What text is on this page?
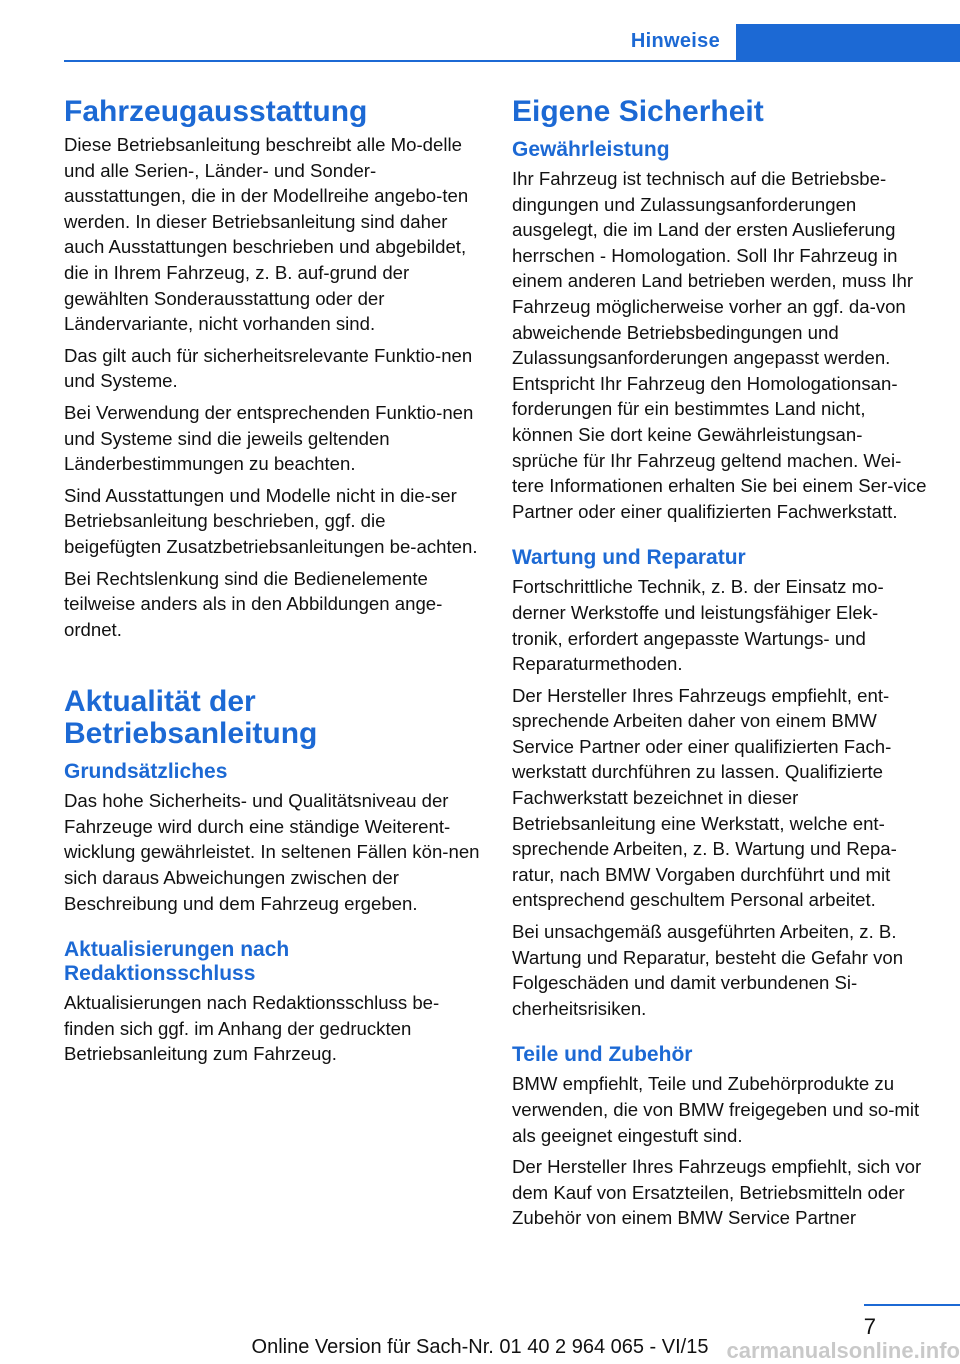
Hinweise
Fahrzeugausstattung

Diese Betriebsanleitung beschreibt alle Mo-delle und alle Serien-, Länder- und Sonder-ausstattungen, die in der Modellreihe angebo-ten werden. In dieser Betriebsanleitung sind daher auch Ausstattungen beschrieben und abgebildet, die in Ihrem Fahrzeug, z. B. auf-grund der gewählten Sonderausstattung oder der Ländervariante, nicht vorhanden sind.

Das gilt auch für sicherheitsrelevante Funktio-nen und Systeme.

Bei Verwendung der entsprechenden Funktio-nen und Systeme sind die jeweils geltenden Länderbestimmungen zu beachten.

Sind Ausstattungen und Modelle nicht in die-ser Betriebsanleitung beschrieben, ggf. die beigefügten Zusatzbetriebsanleitungen be-achten.

Bei Rechtslenkung sind die Bedienelemente teilweise anders als in den Abbildungen ange-ordnet.

Aktualität der Betriebsanleitung
Grundsätzliches

Das hohe Sicherheits- und Qualitätsniveau der Fahrzeuge wird durch eine ständige Weiterent-wicklung gewährleistet. In seltenen Fällen kön-nen sich daraus Abweichungen zwischen der Beschreibung und dem Fahrzeug ergeben.

Aktualisierungen nach Redaktionsschluss

Aktualisierungen nach Redaktionsschluss be-finden sich ggf. im Anhang der gedruckten Betriebsanleitung zum Fahrzeug.

Eigene Sicherheit
Gewährleistung

Ihr Fahrzeug ist technisch auf die Betriebsbe-dingungen und Zulassungsanforderungen ausgelegt, die im Land der ersten Auslieferung herrschen - Homologation. Soll Ihr Fahrzeug in einem anderen Land betrieben werden, muss Ihr Fahrzeug möglicherweise vorher an ggf. da-von abweichende Betriebsbedingungen und Zulassungsanforderungen angepasst werden. Entspricht Ihr Fahrzeug den Homologationsan-forderungen für ein bestimmtes Land nicht, können Sie dort keine Gewährleistungsan-sprüche für Ihr Fahrzeug geltend machen. Wei-tere Informationen erhalten Sie bei einem Ser-vice Partner oder einer qualifizierten Fachwerkstatt.

Wartung und Reparatur

Fortschrittliche Technik, z. B. der Einsatz mo-derner Werkstoffe und leistungsfähiger Elek-tronik, erfordert angepasste Wartungs- und Reparaturmethoden.

Der Hersteller Ihres Fahrzeugs empfiehlt, ent-sprechende Arbeiten daher von einem BMW Service Partner oder einer qualifizierten Fach-werkstatt durchführen zu lassen. Qualifizierte Fachwerkstatt bezeichnet in dieser Betriebsanleitung eine Werkstatt, welche ent-sprechende Arbeiten, z. B. Wartung und Repa-ratur, nach BMW Vorgaben durchführt und mit entsprechend geschultem Personal arbeitet.

Bei unsachgemäß ausgeführten Arbeiten, z. B. Wartung und Reparatur, besteht die Gefahr von Folgeschäden und damit verbundenen Si-cherheitsrisiken.

Teile und Zubehör

BMW empfiehlt, Teile und Zubehörprodukte zu verwenden, die von BMW freigegeben und so-mit als geeignet eingestuft sind.

Der Hersteller Ihres Fahrzeugs empfiehlt, sich vor dem Kauf von Ersatzteilen, Betriebsmitteln oder Zubehör von einem BMW Service Partner

7
Online Version für Sach-Nr. 01 40 2 964 065 - VI/15 carmanualsonline.info
